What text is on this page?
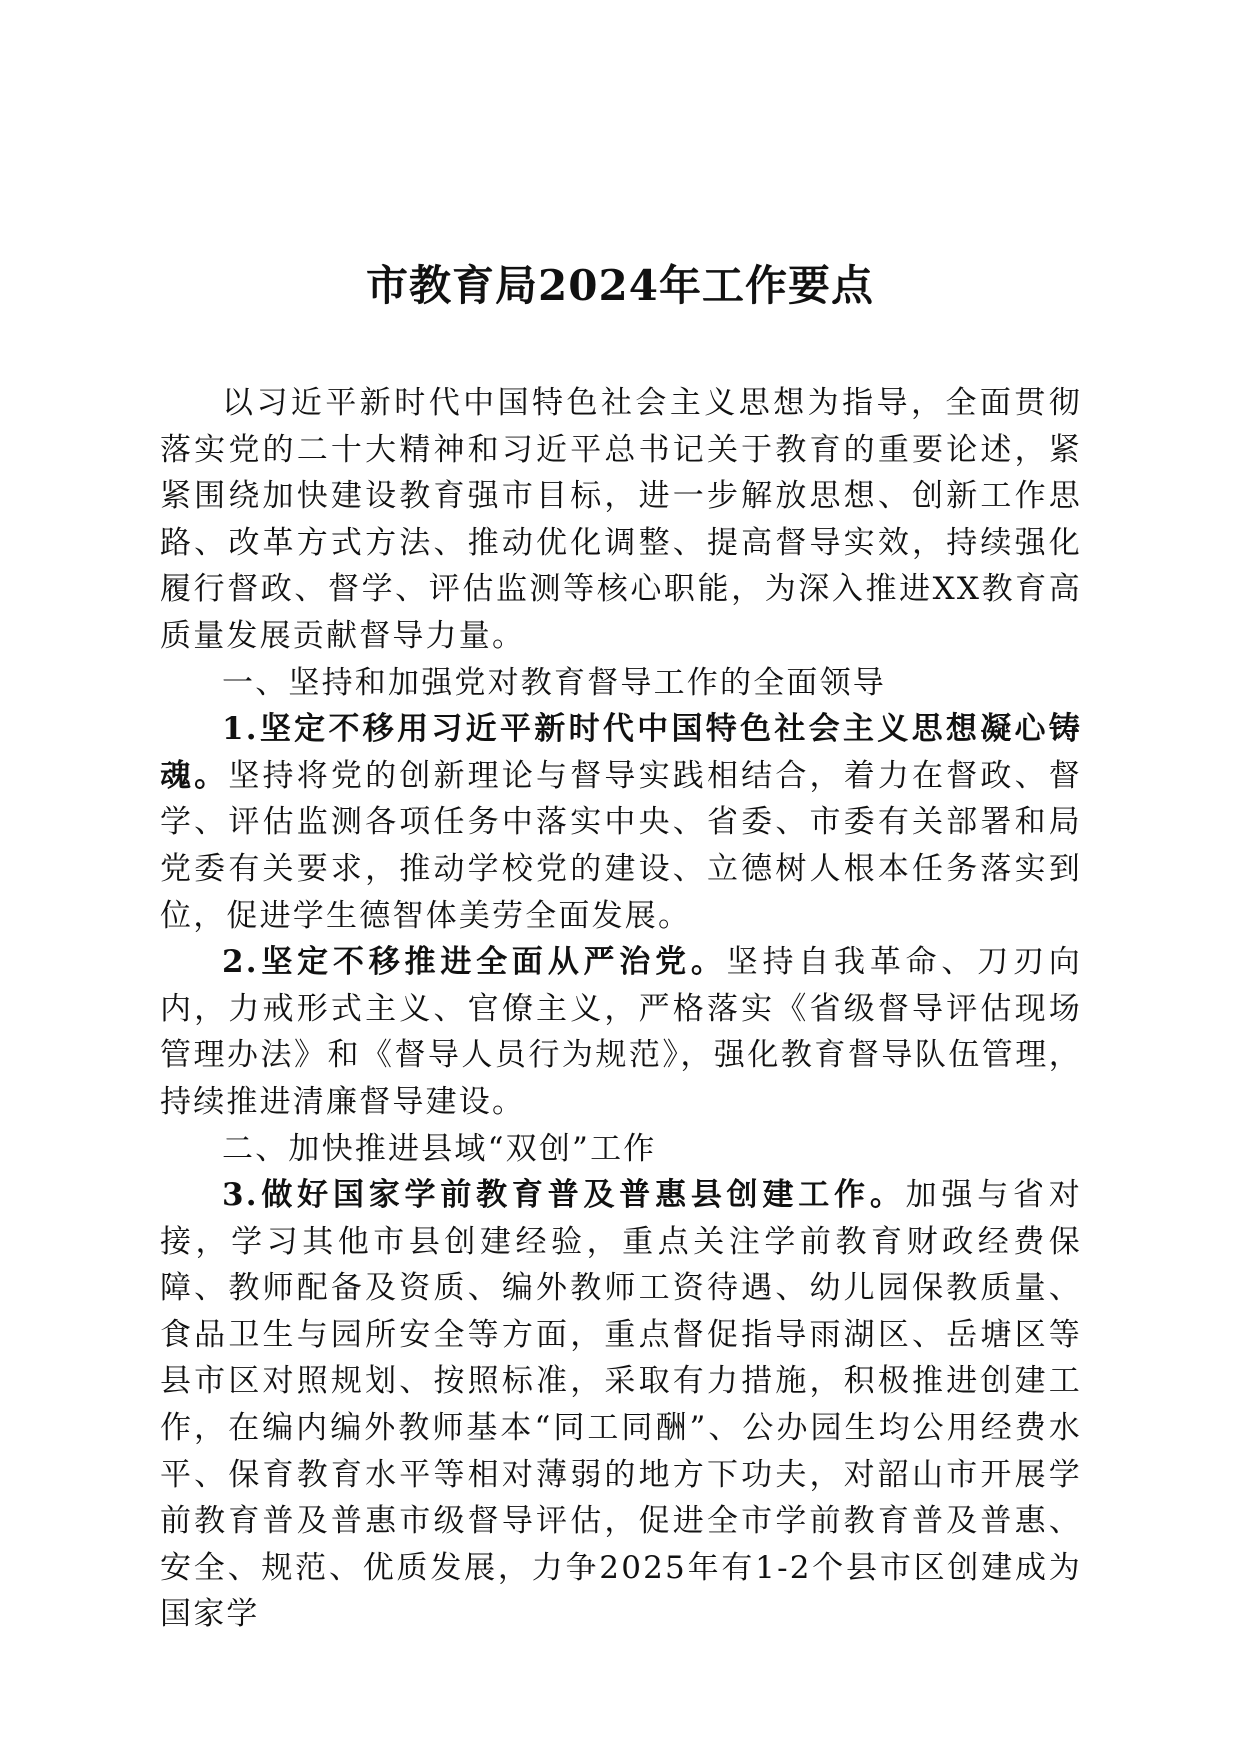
市教育局2024年工作要点

以习近平新时代中国特色社会主义思想为指导，全面贯彻落实党的二十大精神和习近平总书记关于教育的重要论述，紧紧围绕加快建设教育强市目标，进一步解放思想、创新工作思路、改革方式方法、推动优化调整、提高督导实效，持续强化履行督政、督学、评估监测等核心职能，为深入推进XX教育高质量发展贡献督导力量。

一、坚持和加强党对教育督导工作的全面领导

1.坚定不移用习近平新时代中国特色社会主义思想凝心铸魂。坚持将党的创新理论与督导实践相结合，着力在督政、督学、评估监测各项任务中落实中央、省委、市委有关部署和局党委有关要求，推动学校党的建设、立德树人根本任务落实到位，促进学生德智体美劳全面发展。

2.坚定不移推进全面从严治党。坚持自我革命、刀刃向内，力戒形式主义、官僚主义，严格落实《省级督导评估现场管理办法》和《督导人员行为规范》，强化教育督导队伍管理，持续推进清廉督导建设。

二、加快推进县域“双创”工作

3.做好国家学前教育普及普惠县创建工作。加强与省对接，学习其他市县创建经验，重点关注学前教育财政经费保障、教师配备及资质、编外教师工资待遇、幼儿园保教质量、食品卫生与园所安全等方面，重点督促指导雨湖区、岳塘区等县市区对照规划、按照标准，采取有力措施，积极推进创建工作，在编内编外教师基本“同工同酬”、公办园生均公用经费水平、保育教育水平等相对薄弱的地方下功夫，对韶山市开展学前教育普及普惠市级督导评估，促进全市学前教育普及普惠、安全、规范、优质发展，力争2025年有1-2个县市区创建成为国家学
